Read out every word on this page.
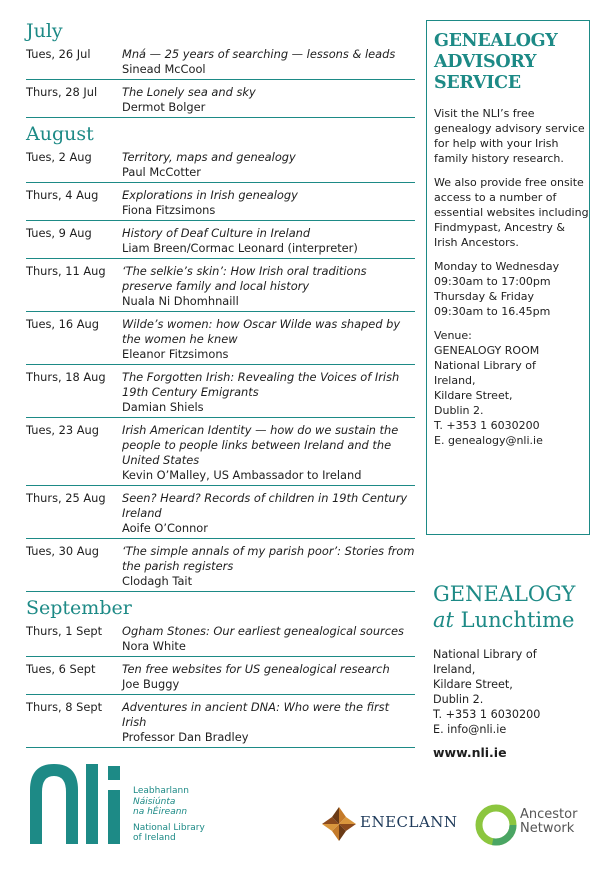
July
Tues, 26 Jul	Mná — 25 years of searching — lessons & leads
Sinead McCool
Thurs, 28 Jul	The Lonely sea and sky
Dermot Bolger
August
Tues, 2 Aug	Territory, maps and genealogy
Paul McCotter
Thurs, 4 Aug	Explorations in Irish genealogy
Fiona Fitzsimons
Tues, 9 Aug	History of Deaf Culture in Ireland
Liam Breen/Cormac Leonard (interpreter)
Thurs, 11 Aug	‘The selkie’s skin’: How Irish oral traditions preserve family and local history
Nuala Ni Dhomhnaill
Tues, 16 Aug	Wilde’s women: how Oscar Wilde was shaped by the women he knew
Eleanor Fitzsimons
Thurs, 18 Aug	The Forgotten Irish: Revealing the Voices of Irish 19th Century Emigrants
Damian Shiels
Tues, 23 Aug	Irish American Identity — how do we sustain the people to people links between Ireland and the United States
Kevin O’Malley, US Ambassador to Ireland
Thurs, 25 Aug	Seen? Heard? Records of children in 19th Century Ireland
Aoife O’Connor
Tues, 30 Aug	‘The simple annals of my parish poor’: Stories from the parish registers
Clodagh Tait
September
Thurs, 1 Sept	Ogham Stones: Our earliest genealogical sources
Nora White
Tues, 6 Sept	Ten free websites for US genealogical research
Joe Buggy
Thurs, 8 Sept	Adventures in ancient DNA: Who were the first Irish
Professor Dan Bradley
GENEALOGY
ADVISORY
SERVICE

Visit the NLI’s free genealogy advisory service for help with your Irish family history research.

We also provide free onsite access to a number of essential websites including Findmypast, Ancestry & Irish Ancestors.

Monday to Wednesday
09:30am to 17:00pm
Thursday & Friday
09:30am to 16.45pm

Venue:
GENEALOGY ROOM
National Library of
Ireland,
Kildare Street,
Dublin 2.
T. +353 1 6030200
E. genealogy@nli.ie

GENEALOGY
at Lunchtime
National Library of
Ireland,
Kildare Street,
Dublin 2.
T. +353 1 6030200
E. info@nli.ie
www.nli.ie
Leabharlann
Náisiúnta
na hÉireann
National Library
of Ireland
ENECLANN	Ancestor
Network
